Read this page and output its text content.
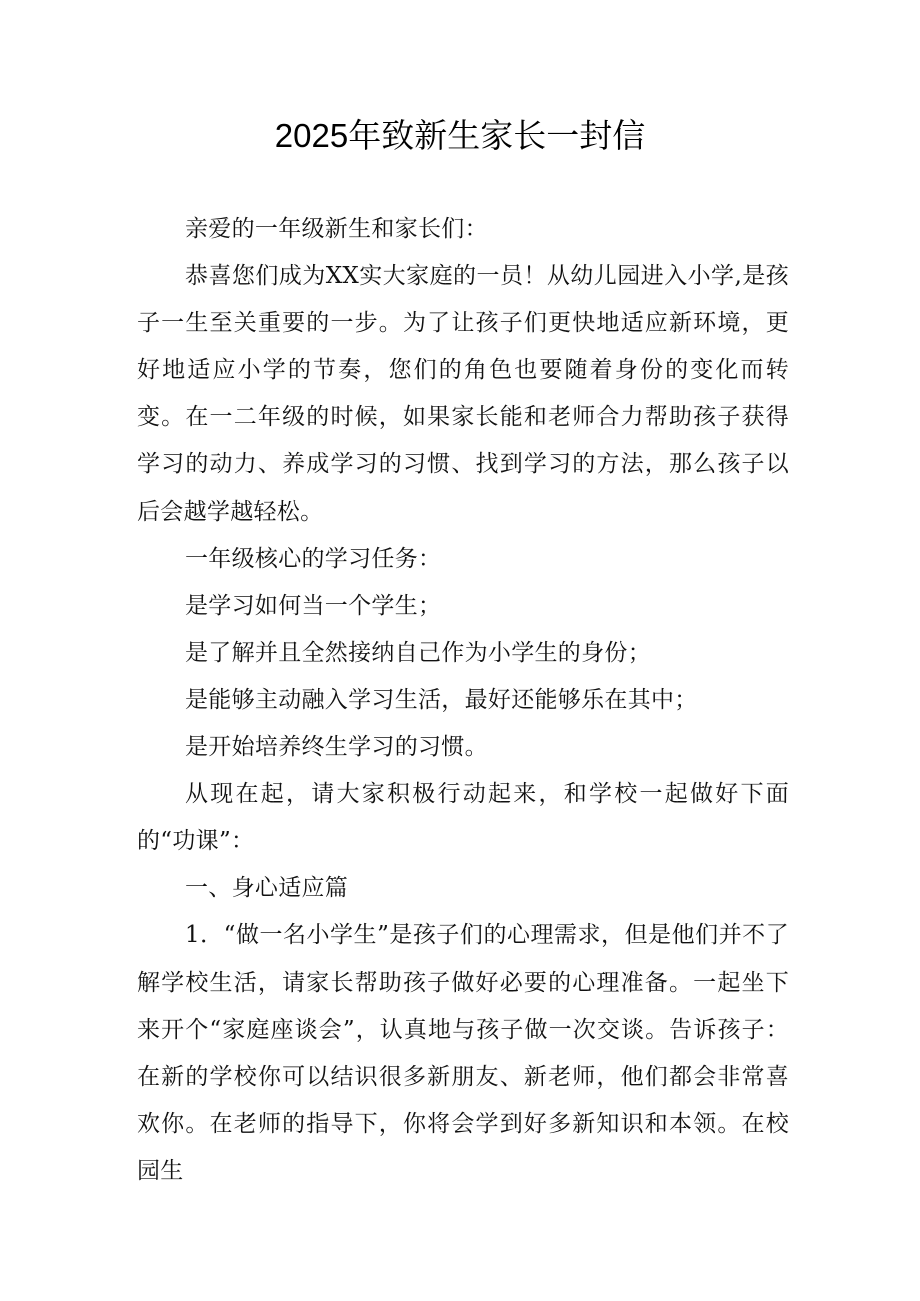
2025年致新生家长一封信

亲爱的一年级新生和家长们：

恭喜您们成为XX实大家庭的一员！从幼儿园进入小学,是孩子一生至关重要的一步。为了让孩子们更快地适应新环境，更好地适应小学的节奏，您们的角色也要随着身份的变化而转变。在一二年级的时候，如果家长能和老师合力帮助孩子获得学习的动力、养成学习的习惯、找到学习的方法，那么孩子以后会越学越轻松。

一年级核心的学习任务：

是学习如何当一个学生；

是了解并且全然接纳自己作为小学生的身份；

是能够主动融入学习生活，最好还能够乐在其中；

是开始培养终生学习的习惯。

从现在起，请大家积极行动起来，和学校一起做好下面的“功课”：

一、身心适应篇

1．“做一名小学生”是孩子们的心理需求，但是他们并不了解学校生活，请家长帮助孩子做好必要的心理准备。一起坐下来开个“家庭座谈会”，认真地与孩子做一次交谈。告诉孩子：在新的学校你可以结识很多新朋友、新老师，他们都会非常喜欢你。在老师的指导下，你将会学到好多新知识和本领。在校园生
